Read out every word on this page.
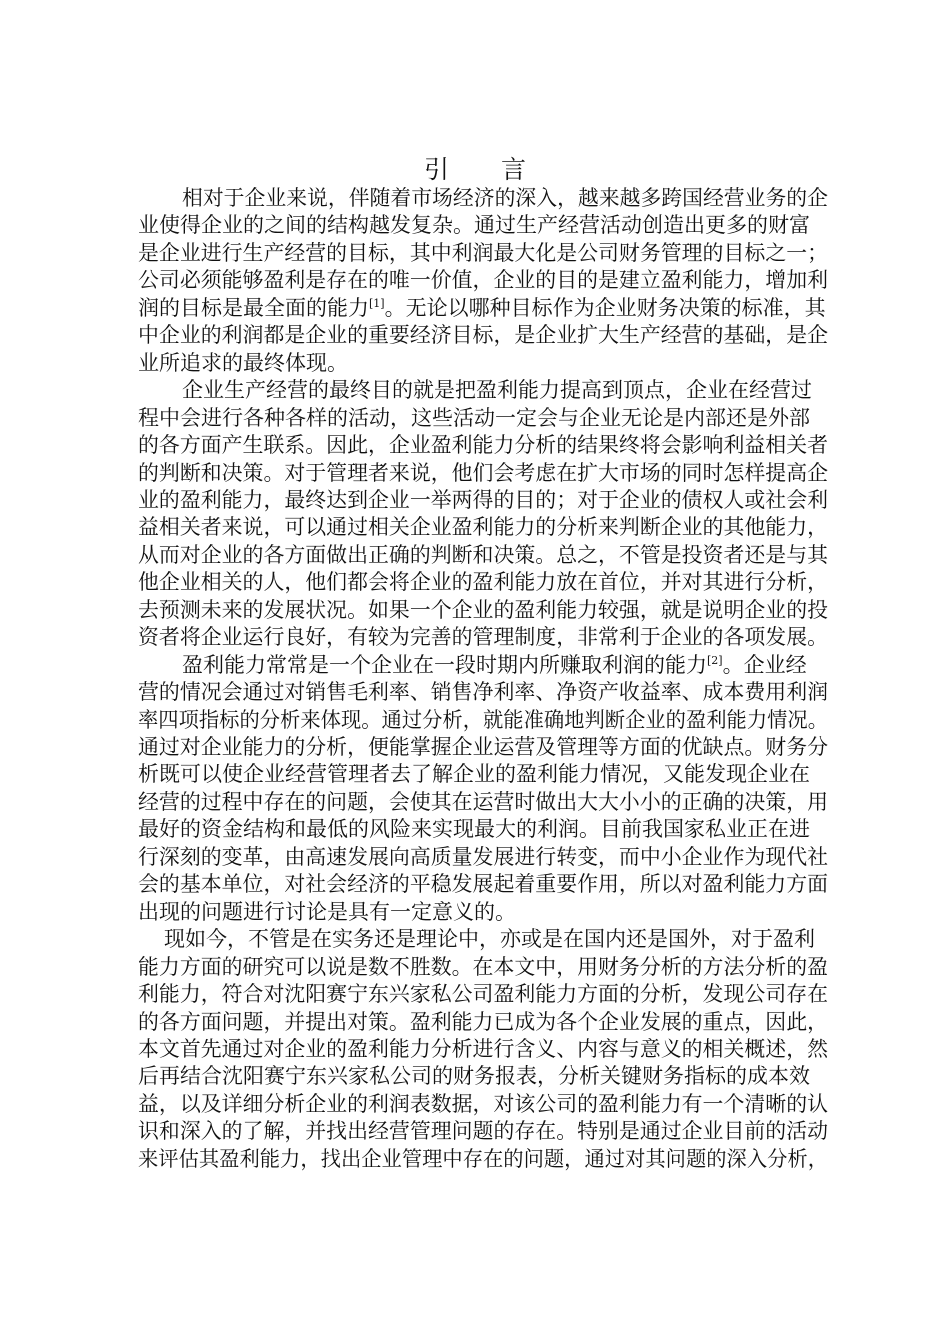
引 言
相对于企业来说，伴随着市场经济的深入，越来越多跨国经营业务的企
业使得企业的之间的结构越发复杂。通过生产经营活动创造出更多的财富
是企业进行生产经营的目标，其中利润最大化是公司财务管理的目标之一；
公司必须能够盈利是存在的唯一价值，企业的目的是建立盈利能力，增加利
润的目标是最全面的能力[1]。无论以哪种目标作为企业财务决策的标准，其
中企业的利润都是企业的重要经济目标，是企业扩大生产经营的基础，是企
业所追求的最终体现。
企业生产经营的最终目的就是把盈利能力提高到顶点，企业在经营过
程中会进行各种各样的活动，这些活动一定会与企业无论是内部还是外部
的各方面产生联系。因此，企业盈利能力分析的结果终将会影响利益相关者
的判断和决策。对于管理者来说，他们会考虑在扩大市场的同时怎样提高企
业的盈利能力，最终达到企业一举两得的目的；对于企业的债权人或社会利
益相关者来说，可以通过相关企业盈利能力的分析来判断企业的其他能力，
从而对企业的各方面做出正确的判断和决策。总之，不管是投资者还是与其
他企业相关的人，他们都会将企业的盈利能力放在首位，并对其进行分析，
去预测未来的发展状况。如果一个企业的盈利能力较强，就是说明企业的投
资者将企业运行良好，有较为完善的管理制度，非常利于企业的各项发展。
盈利能力常常是一个企业在一段时期内所赚取利润的能力[2]。企业经
营的情况会通过对销售毛利率、销售净利率、净资产收益率、成本费用利润
率四项指标的分析来体现。通过分析，就能准确地判断企业的盈利能力情况。
通过对企业能力的分析，便能掌握企业运营及管理等方面的优缺点。财务分
析既可以使企业经营管理者去了解企业的盈利能力情况，又能发现企业在
经营的过程中存在的问题，会使其在运营时做出大大小小的正确的决策，用
最好的资金结构和最低的风险来实现最大的利润。目前我国家私业正在进
行深刻的变革，由高速发展向高质量发展进行转变，而中小企业作为现代社
会的基本单位，对社会经济的平稳发展起着重要作用，所以对盈利能力方面
出现的问题进行讨论是具有一定意义的。
现如今，不管是在实务还是理论中，亦或是在国内还是国外，对于盈利
能力方面的研究可以说是数不胜数。在本文中，用财务分析的方法分析的盈
利能力，符合对沈阳赛宁东兴家私公司盈利能力方面的分析，发现公司存在
的各方面问题，并提出对策。盈利能力已成为各个企业发展的重点，因此，
本文首先通过对企业的盈利能力分析进行含义、内容与意义的相关概述，然
后再结合沈阳赛宁东兴家私公司的财务报表，分析关键财务指标的成本效
益，以及详细分析企业的利润表数据，对该公司的盈利能力有一个清晰的认
识和深入的了解，并找出经营管理问题的存在。特别是通过企业目前的活动
来评估其盈利能力，找出企业管理中存在的问题，通过对其问题的深入分析，
